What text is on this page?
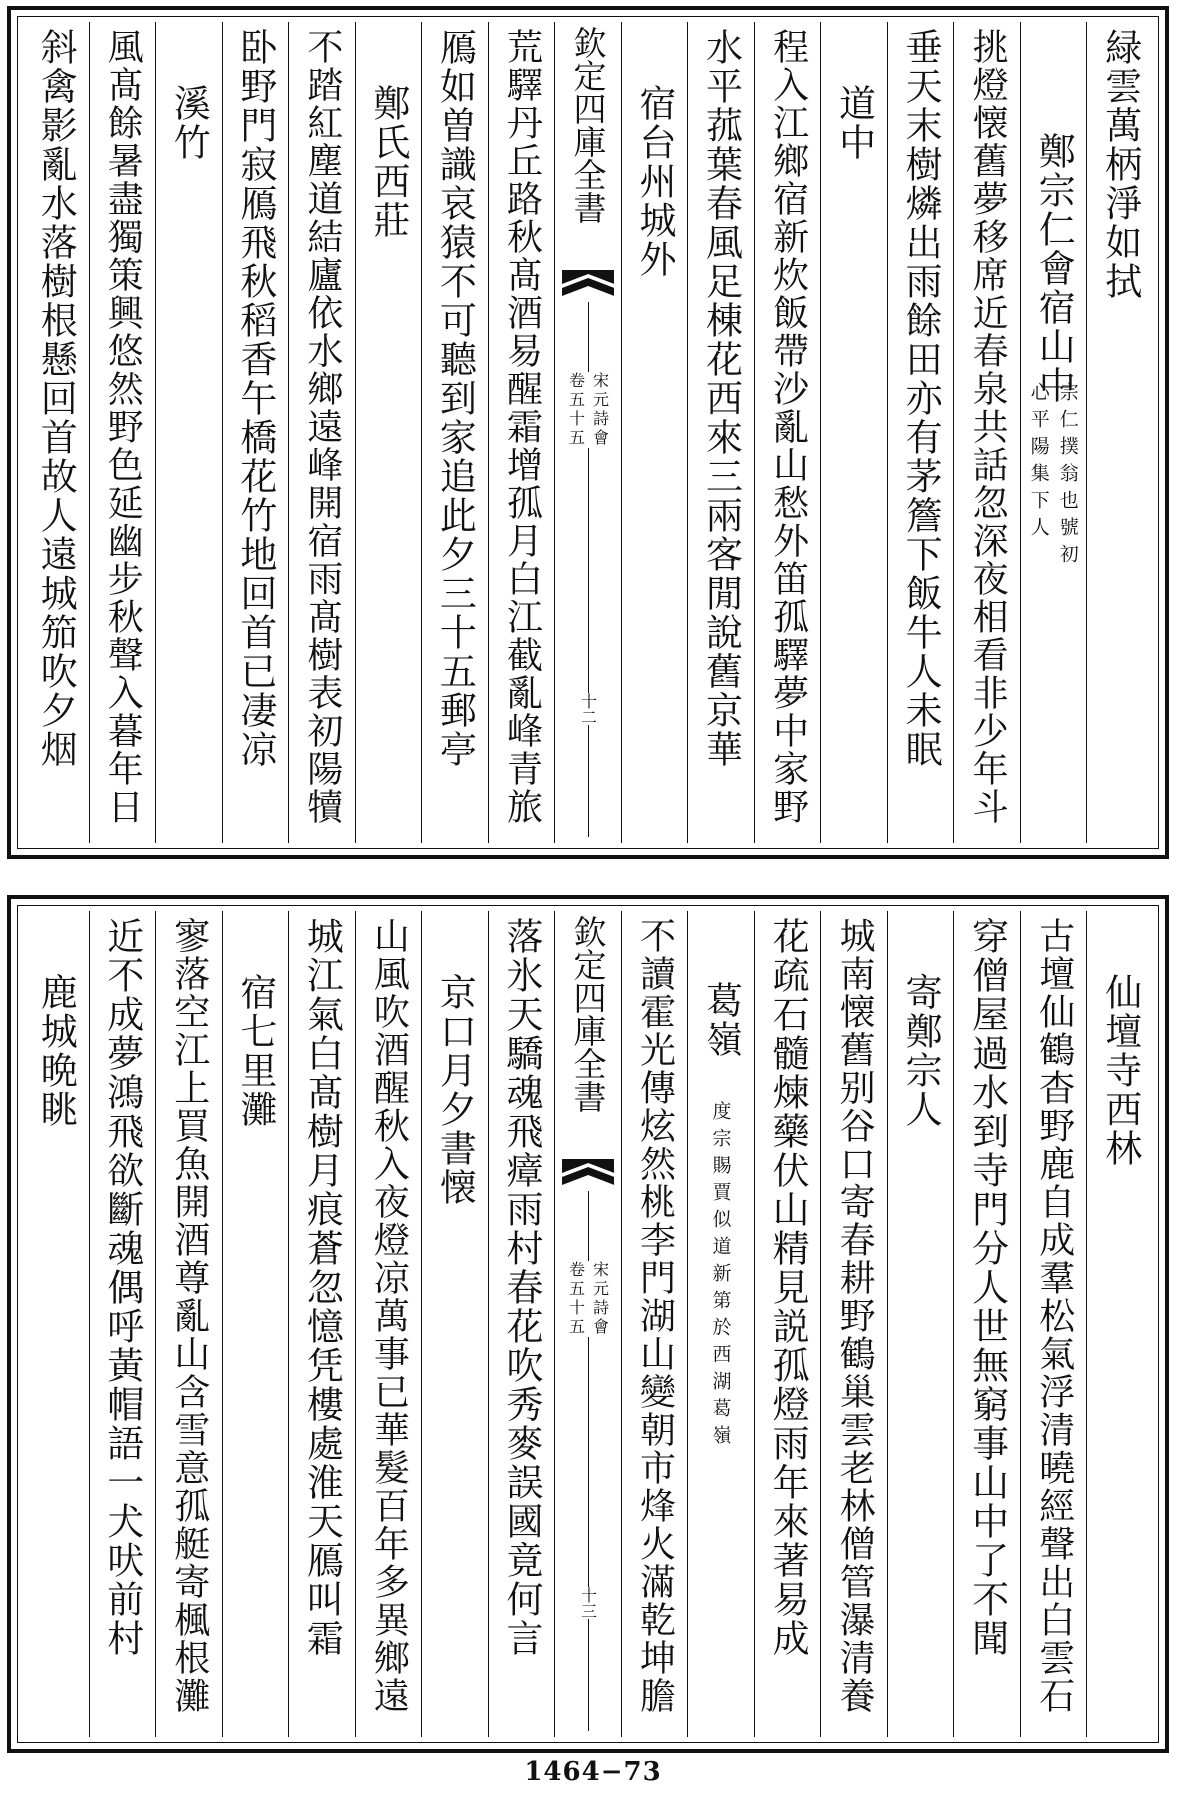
緑雲萬柄淨如拭
鄭宗仁會宿山中
宗仁撲翁也號初
心平陽集下人
挑燈懐舊夢移席近春泉共話忽深夜相看非少年斗
垂天末樹燐出雨餘田亦有茅簷下飯牛人未眠
道中
程入江鄉宿新炊飯帶沙亂山愁外笛孤驛夢中家野
水平菰葉春風足棟花西來三兩客閒說舊京華
宿台州城外
欽定四庫全書
宋元詩會
卷五十五
十二
荒驛丹丘路秋髙酒易醒霜增孤月白江截亂峰青旅
鴈如曽識哀猿不可聽到家追此夕三十五郵亭
鄭氏西莊
不踏紅塵道結廬依水鄉遠峰開宿雨髙樹表初陽犢
卧野門寂鴈飛秋稻香午橋花竹地回首已凄凉
溪竹
風髙餘暑盡獨策興悠然野色延幽步秋聲入暮年日
斜禽影亂水落樹根懸回首故人遠城笳吹夕烟
仙壇寺西林
古壇仙鶴杳野鹿自成羣松氣浮清曉經聲出白雲石
穿僧屋過水到寺門分人世無窮事山中了不聞
寄鄭宗人
城南懐舊别谷口寄春耕野鶴巢雲老林僧管瀑清養
花疏石髓煉藥伏山精見説孤燈雨年來著易成
葛嶺
度宗賜賈似道新第於西湖葛嶺
不讀霍光傳炫然桃李門湖山變朝市烽火滿乾坤膽
欽定四庫全書
宋元詩會
卷五十五
十三
落氷天驕魂飛瘴雨村春花吹秀麥誤國竟何言
京口月夕書懐
山風吹酒醒秋入夜燈凉萬事已華髮百年多異鄉遠
城江氣白髙樹月痕蒼忽憶凭樓處淮天鴈叫霜
宿七里灘
寥落空江上買魚開酒尊亂山含雪意孤艇寄楓根灘
近不成夢鴻飛欲斷魂偶呼黃帽語一犬吠前村
鹿城晩眺
1464−73
